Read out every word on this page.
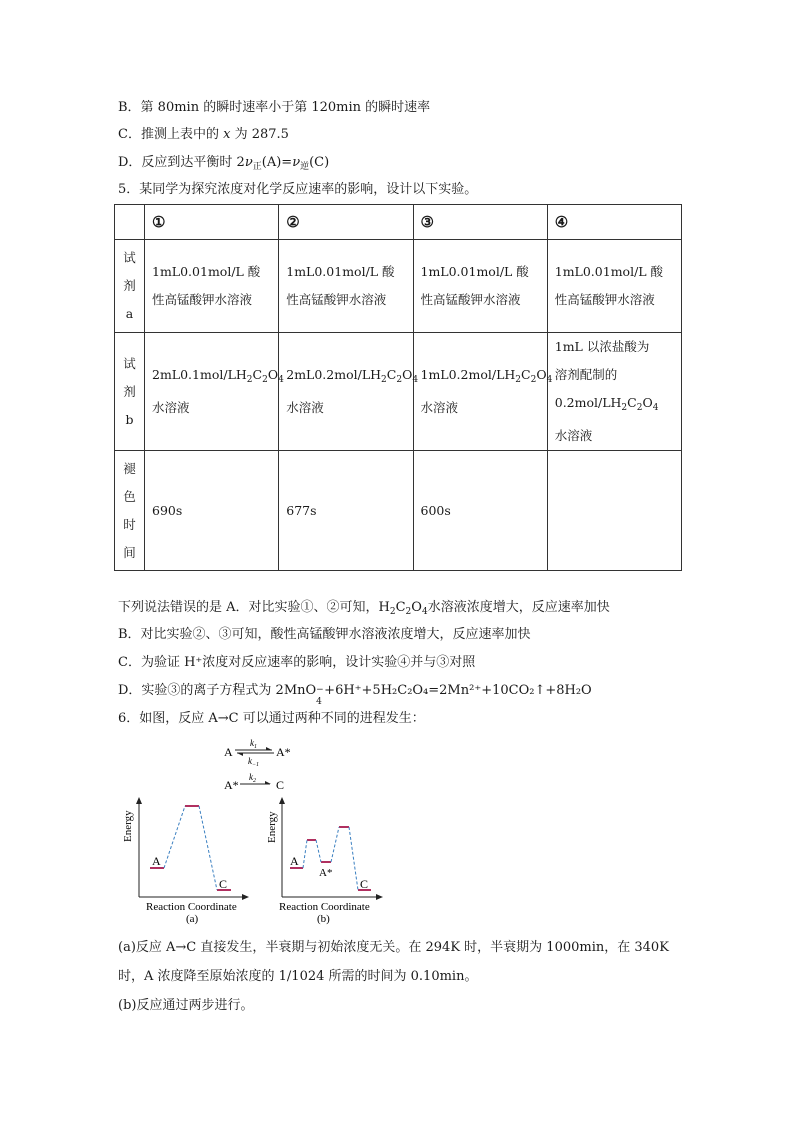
B．第 80min 的瞬时速率小于第 120min 的瞬时速率
C．推测上表中的 x 为 287.5
D．反应到达平衡时 $2\nu_正(A)=\nu_逆(C)$
5．某同学为探究浓度对化学反应速率的影响，设计以下实验。
	①	②	③	④
试
剂
a	1mL0.01mol/L 酸性高锰酸钾水溶液	1mL0.01mol/L 酸性高锰酸钾水溶液	1mL0.01mol/L 酸性高锰酸钾水溶液	1mL0.01mol/L 酸性高锰酸钾水溶液
试
剂
b	$2mL0.1mol/LH_2C_2O_4$
水溶液	$2mL0.2mol/LH_2C_2O_4$
水溶液	$1mL0.2mol/LH_2C_2O_4$
水溶液	1mL 以浓盐酸为
溶剂配制的
$0.2mol/LH_2C_2O_4$
水溶液
褪
色
时
间	690s	677s	600s	
下列说法错误的是 A．对比实验①、②可知，$H_2C_2O_4$水溶液浓度增大，反应速率加快
B．对比实验②、③可知，酸性高锰酸钾水溶液浓度增大，反应速率加快
C．为验证 H⁺浓度对反应速率的影响，设计实验④并与③对照
D．实验③的离子方程式为 2MnO −
4
+6H⁺+5H₂C₂O₄=2Mn²⁺+10CO₂↑+8H₂O
6．如图，反应 A→C 可以通过两种不同的进程发生：
A
$k_1$
$k_{-1}$
A*
A*
$k_2$ C
Energy
A
C
Reaction Coordinate
(a)
Energy
A
A*
C
Reaction Coordinate
(b)
(a)反应 A→C 直接发生，半衰期与初始浓度无关。在 294K 时，半衰期为 1000min，在 340K
时，A 浓度降至原始浓度的 1/1024 所需的时间为 0.10min。
(b)反应通过两步进行。
